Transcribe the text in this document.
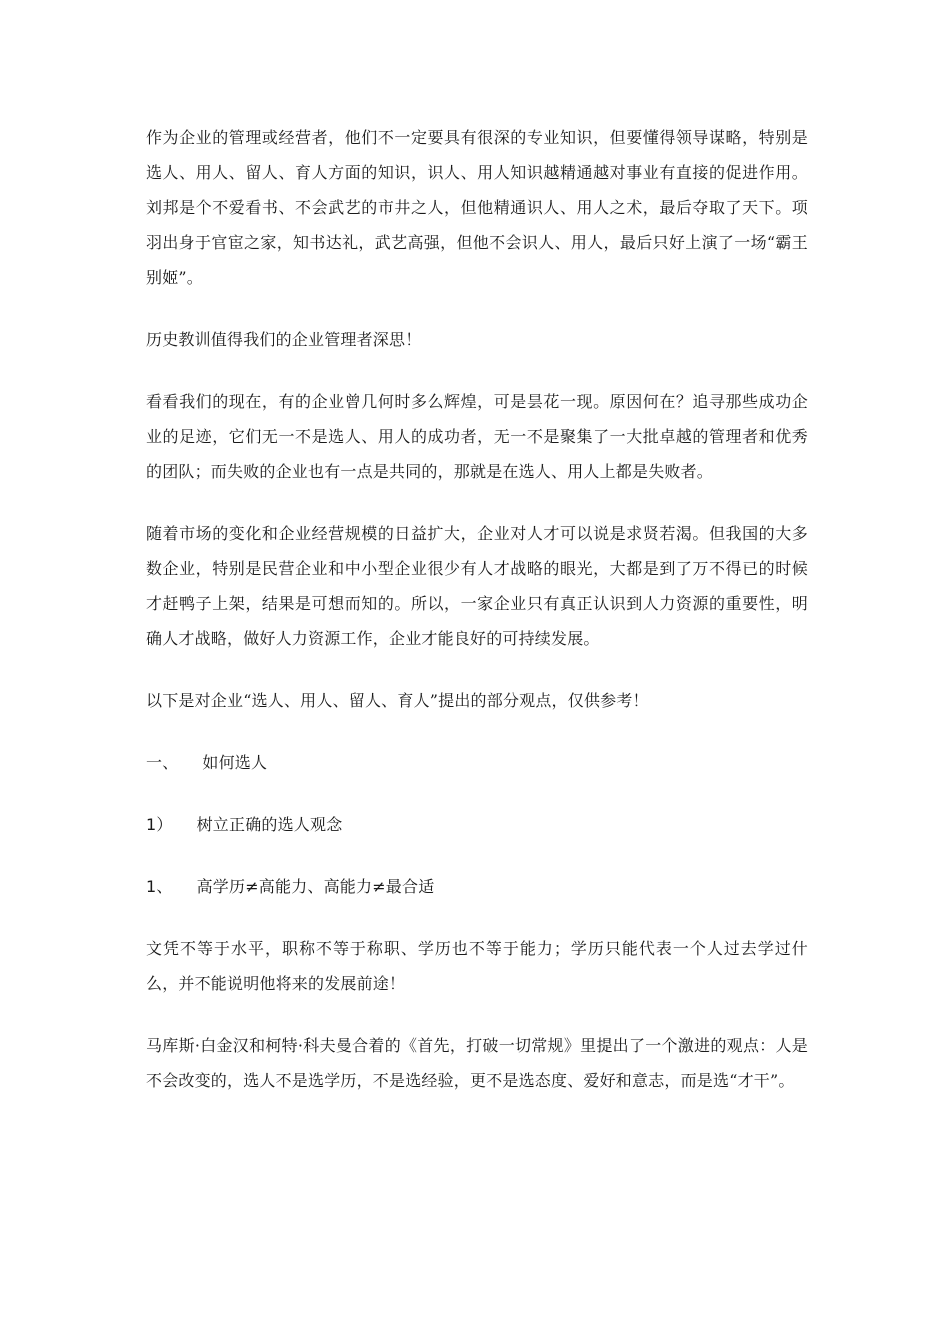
作为企业的管理或经营者，他们不一定要具有很深的专业知识，但要懂得领导谋略，特别是选人、用人、留人、育人方面的知识，识人、用人知识越精通越对事业有直接的促进作用。刘邦是个不爱看书、不会武艺的市井之人，但他精通识人、用人之术，最后夺取了天下。项羽出身于官宦之家，知书达礼，武艺高强，但他不会识人、用人，最后只好上演了一场“霸王别姬”。

历史教训值得我们的企业管理者深思！

看看我们的现在，有的企业曾几何时多么辉煌，可是昙花一现。原因何在？追寻那些成功企业的足迹，它们无一不是选人、用人的成功者，无一不是聚集了一大批卓越的管理者和优秀的团队；而失败的企业也有一点是共同的，那就是在选人、用人上都是失败者。

随着市场的变化和企业经营规模的日益扩大，企业对人才可以说是求贤若渴。但我国的大多数企业，特别是民营企业和中小型企业很少有人才战略的眼光，大都是到了万不得已的时候才赶鸭子上架，结果是可想而知的。所以，一家企业只有真正认识到人力资源的重要性，明确人才战略，做好人力资源工作，企业才能良好的可持续发展。

以下是对企业“选人、用人、留人、育人”提出的部分观点，仅供参考！

一、 如何选人

1） 树立正确的选人观念

1、 高学历≠高能力、高能力≠最合适

文凭不等于水平，职称不等于称职、学历也不等于能力；学历只能代表一个人过去学过什么，并不能说明他将来的发展前途！

马库斯·白金汉和柯特·科夫曼合着的《首先，打破一切常规》里提出了一个激进的观点：人是不会改变的，选人不是选学历，不是选经验，更不是选态度、爱好和意志，而是选“才干”。
